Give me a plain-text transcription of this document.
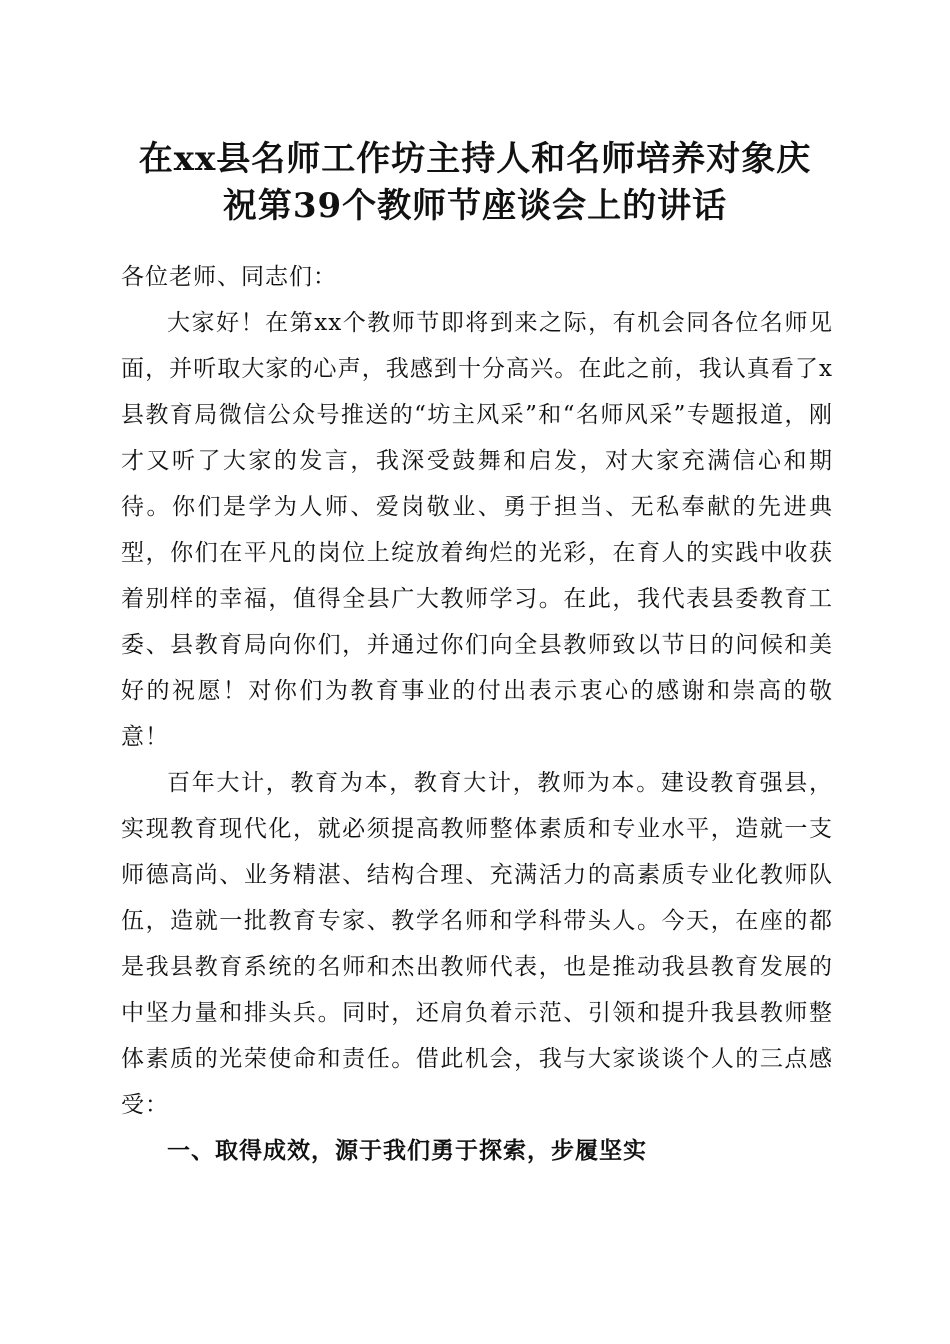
在xx县名师工作坊主持人和名师培养对象庆
祝第39个教师节座谈会上的讲话

各位老师、同志们：

大家好！在第xx个教师节即将到来之际，有机会同各位名师见面，并听取大家的心声，我感到十分高兴。在此之前，我认真看了x县教育局微信公众号推送的“坊主风采”和“名师风采”专题报道，刚才又听了大家的发言，我深受鼓舞和启发，对大家充满信心和期待。你们是学为人师、爱岗敬业、勇于担当、无私奉献的先进典型，你们在平凡的岗位上绽放着绚烂的光彩，在育人的实践中收获着别样的幸福，值得全县广大教师学习。在此，我代表县委教育工委、县教育局向你们，并通过你们向全县教师致以节日的问候和美好的祝愿！对你们为教育事业的付出表示衷心的感谢和崇高的敬意！

百年大计，教育为本，教育大计，教师为本。建设教育强县，实现教育现代化，就必须提高教师整体素质和专业水平，造就一支师德高尚、业务精湛、结构合理、充满活力的高素质专业化教师队伍，造就一批教育专家、教学名师和学科带头人。今天，在座的都是我县教育系统的名师和杰出教师代表，也是推动我县教育发展的中坚力量和排头兵。同时，还肩负着示范、引领和提升我县教师整体素质的光荣使命和责任。借此机会，我与大家谈谈个人的三点感受：

一、取得成效，源于我们勇于探索，步履坚实
